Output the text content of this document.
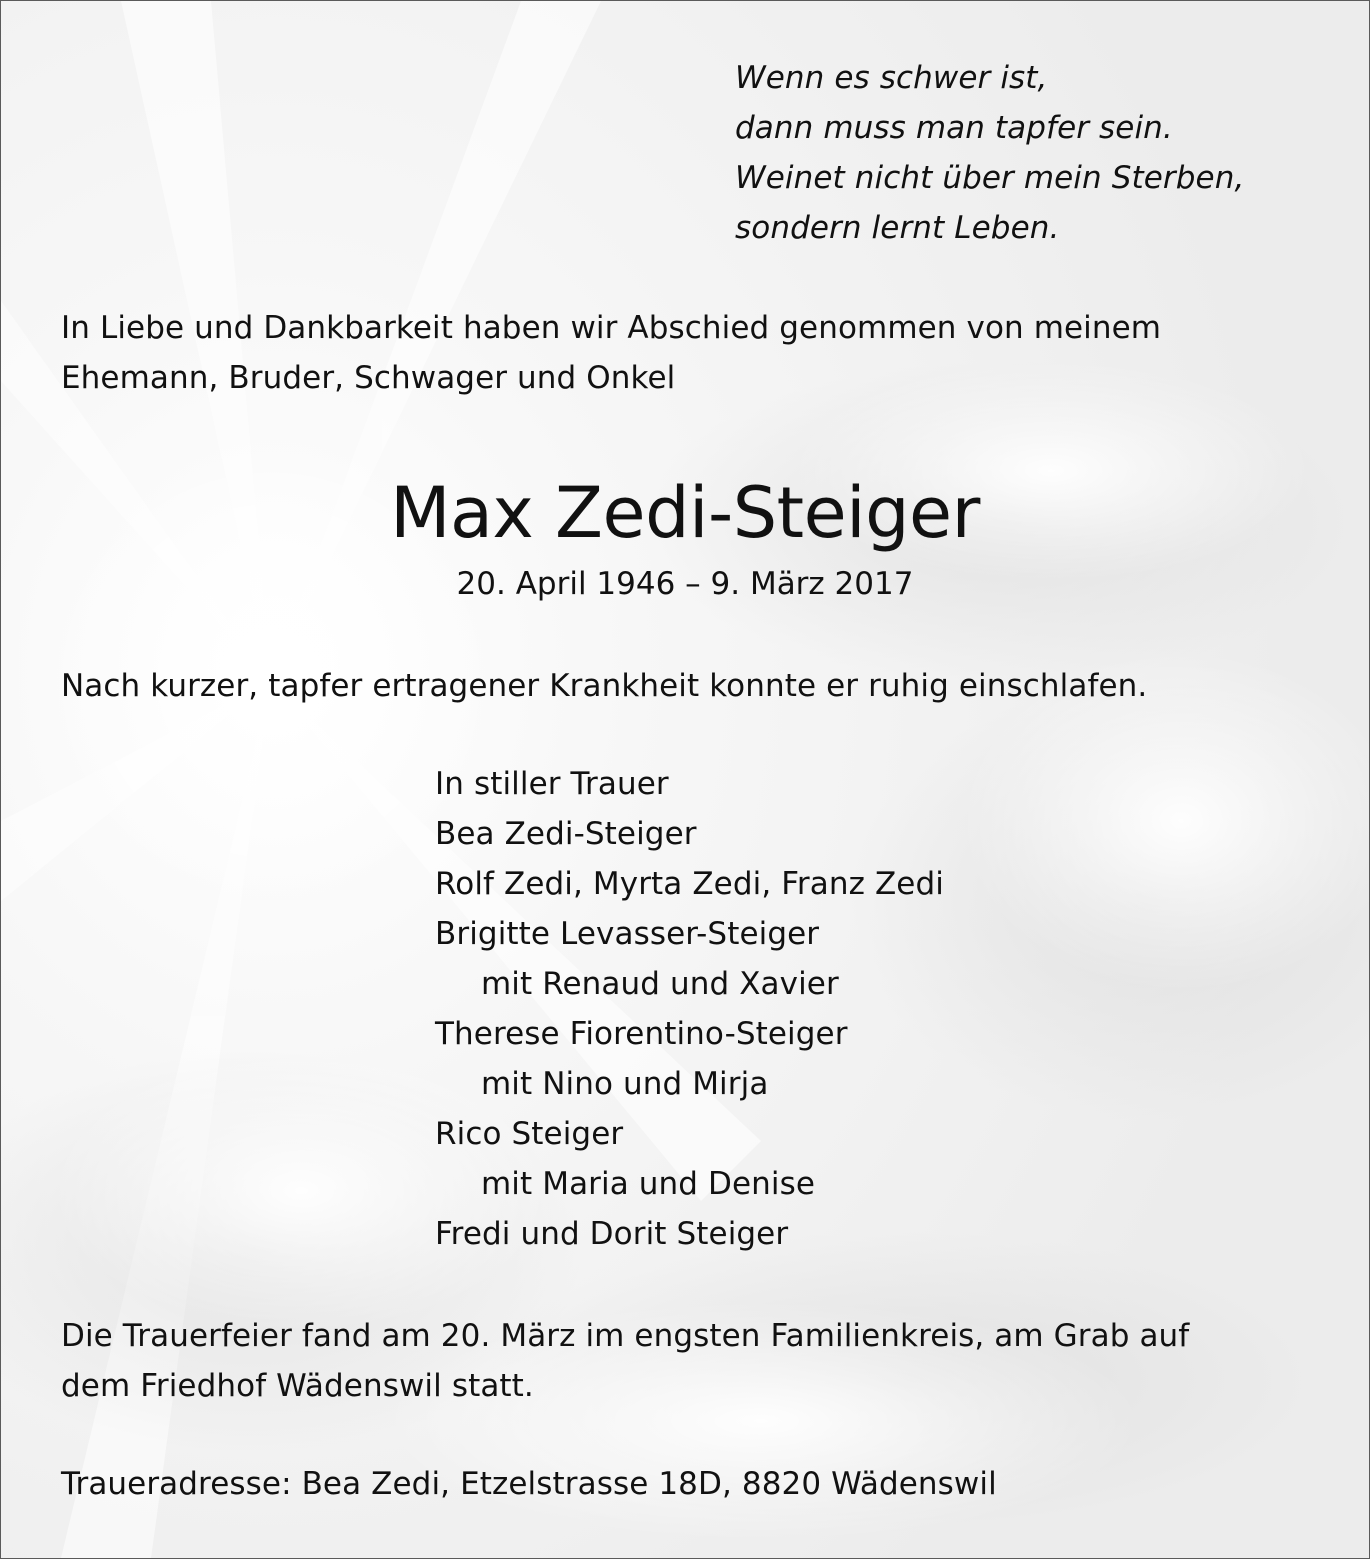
Wenn es schwer ist,
dann muss man tapfer sein.
Weinet nicht über mein Sterben,
sondern lernt Leben.
In Liebe und Dankbarkeit haben wir Abschied genommen von meinem
Ehemann, Bruder, Schwager und Onkel
Max Zedi-Steiger
20. April 1946 – 9. März 2017
Nach kurzer, tapfer ertragener Krankheit konnte er ruhig einschlafen.
In stiller Trauer
Bea Zedi-Steiger
Rolf Zedi, Myrta Zedi, Franz Zedi
Brigitte Levasser-Steiger
mit Renaud und Xavier
Therese Fiorentino-Steiger
mit Nino und Mirja
Rico Steiger
mit Maria und Denise
Fredi und Dorit Steiger
Die Trauerfeier fand am 20. März im engsten Familienkreis, am Grab auf
dem Friedhof Wädenswil statt.
Traueradresse: Bea Zedi, Etzelstrasse 18D, 8820 Wädenswil
